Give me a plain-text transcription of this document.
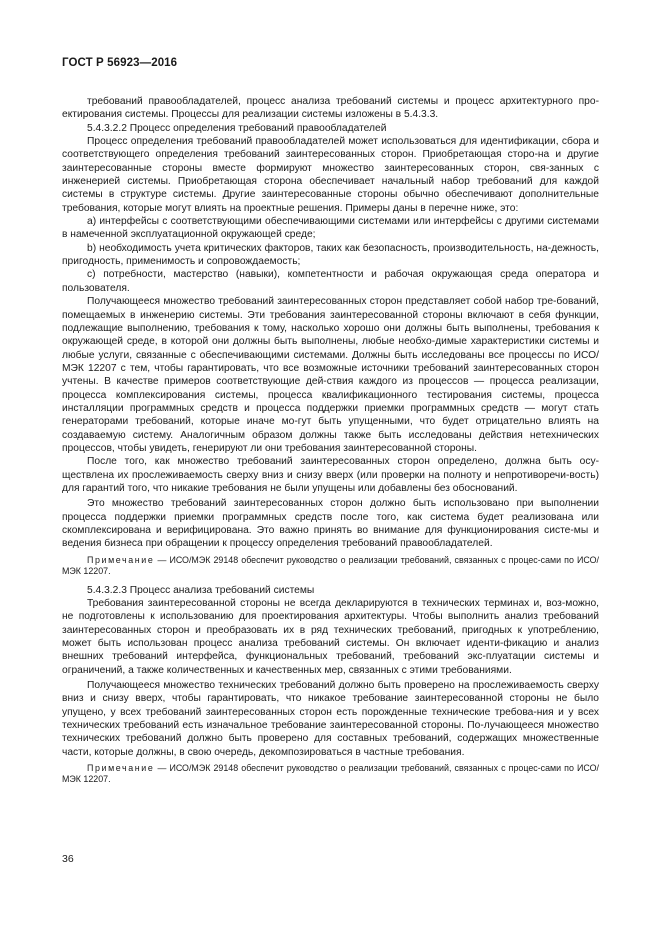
ГОСТ Р 56923—2016

требований правообладателей, процесс анализа требований системы и процесс архитектурного про-ектирования системы. Процессы для реализации системы изложены в 5.4.3.3.

5.4.3.2.2 Процесс определения требований правообладателей

Процесс определения требований правообладателей может использоваться для идентификации, сбора и соответствующего определения требований заинтересованных сторон. Приобретающая сторо-на и другие заинтересованные стороны вместе формируют множество заинтересованных сторон, свя-занных с инженерией системы. Приобретающая сторона обеспечивает начальный набор требований для каждой системы в структуре системы. Другие заинтересованные стороны обычно обеспечивают дополнительные требования, которые могут влиять на проектные решения. Примеры даны в перечне ниже, это:

a) интерфейсы с соответствующими обеспечивающими системами или интерфейсы с другими системами в намеченной эксплуатационной окружающей среде;

b) необходимость учета критических факторов, таких как безопасность, производительность, на-дежность, пригодность, применимость и сопровождаемость;

c) потребности, мастерство (навыки), компетентности и рабочая окружающая среда оператора и пользователя.

Получающееся множество требований заинтересованных сторон представляет собой набор тре-бований, помещаемых в инженерию системы. Эти требования заинтересованной стороны включают в себя функции, подлежащие выполнению, требования к тому, насколько хорошо они должны быть выполнены, требования к окружающей среде, в которой они должны быть выполнены, любые необхо-димые характеристики системы и любые услуги, связанные с обеспечивающими системами. Должны быть исследованы все процессы по ИСО/МЭК 12207 с тем, чтобы гарантировать, что все возможные источники требований заинтересованных сторон учтены. В качестве примеров соответствующие дей-ствия каждого из процессов — процесса реализации, процесса комплексирования системы, процесса квалификационного тестирования системы, процесса инсталляции программных средств и процесса поддержки приемки программных средств — могут стать генераторами требований, которые иначе мо-гут быть упущенными, что будет отрицательно влиять на создаваемую систему. Аналогичным образом должны также быть исследованы действия нетехнических процессов, чтобы увидеть, генерируют ли они требования заинтересованной стороны.

После того, как множество требований заинтересованных сторон определено, должна быть осу-ществлена их прослеживаемость сверху вниз и снизу вверх (или проверки на полноту и непротиворечи-вость) для гарантий того, что никакие требования не были упущены или добавлены без обоснований.

Это множество требований заинтересованных сторон должно быть использовано при выполнении процесса поддержки приемки программных средств после того, как система будет реализована или скомплексирована и верифицирована. Это важно принять во внимание для функционирования систе-мы и ведения бизнеса при обращении к процессу определения требований правообладателей.

Примечание — ИСО/МЭК 29148 обеспечит руководство о реализации требований, связанных с процес-сами по ИСО/МЭК 12207.

5.4.3.2.3 Процесс анализа требований системы

Требования заинтересованной стороны не всегда декларируются в технических терминах и, воз-можно, не подготовлены к использованию для проектирования архитектуры. Чтобы выполнить анализ требований заинтересованных сторон и преобразовать их в ряд технических требований, пригодных к употреблению, может быть использован процесс анализа требований системы. Он включает иденти-фикацию и анализ внешних требований интерфейса, функциональных требований, требований экс-плуатации системы и ограничений, а также количественных и качественных мер, связанных с этими требованиями.

Получающееся множество технических требований должно быть проверено на прослеживаемость сверху вниз и снизу вверх, чтобы гарантировать, что никакое требование заинтересованной стороны не было упущено, у всех требований заинтересованных сторон есть порожденные технические требова-ния и у всех технических требований есть изначальное требование заинтересованной стороны. По-лучающееся множество технических требований должно быть проверено для составных требований, содержащих множественные части, которые должны, в свою очередь, декомпозироваться в частные требования.

Примечание — ИСО/МЭК 29148 обеспечит руководство о реализации требований, связанных с процес-сами по ИСО/МЭК 12207.

36
